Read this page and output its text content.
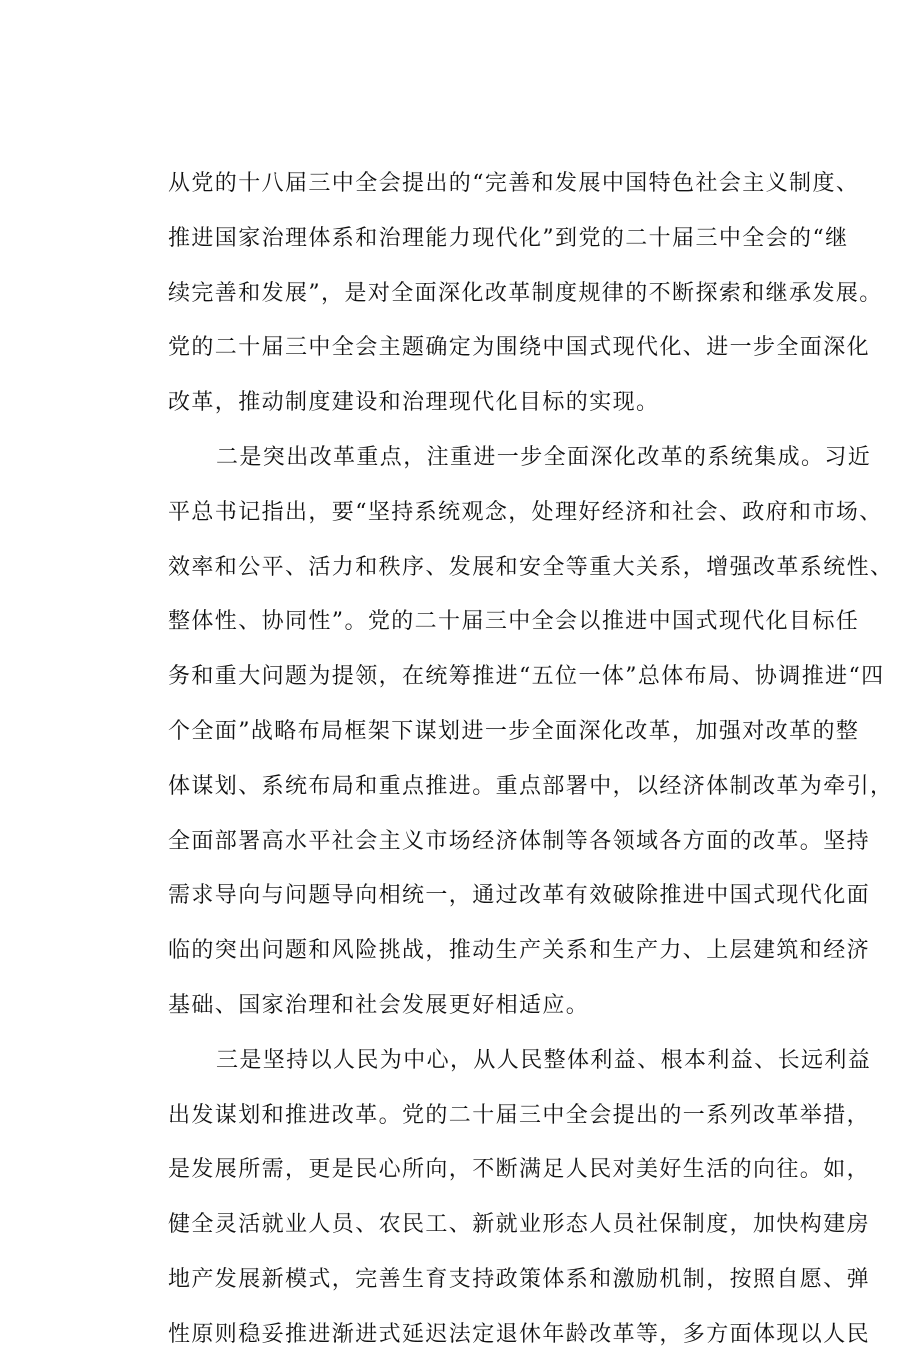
从党的十八届三中全会提出的“完善和发展中国特色社会主义制度、
推进国家治理体系和治理能力现代化”到党的二十届三中全会的“继
续完善和发展”，是对全面深化改革制度规律的不断探索和继承发展。
党的二十届三中全会主题确定为围绕中国式现代化、进一步全面深化
改革，推动制度建设和治理现代化目标的实现。
二是突出改革重点，注重进一步全面深化改革的系统集成。习近
平总书记指出，要“坚持系统观念，处理好经济和社会、政府和市场、
效率和公平、活力和秩序、发展和安全等重大关系，增强改革系统性、
整体性、协同性”。党的二十届三中全会以推进中国式现代化目标任
务和重大问题为提领，在统筹推进“五位一体”总体布局、协调推进“四
个全面”战略布局框架下谋划进一步全面深化改革，加强对改革的整
体谋划、系统布局和重点推进。重点部署中，以经济体制改革为牵引，
全面部署高水平社会主义市场经济体制等各领域各方面的改革。坚持
需求导向与问题导向相统一，通过改革有效破除推进中国式现代化面
临的突出问题和风险挑战，推动生产关系和生产力、上层建筑和经济
基础、国家治理和社会发展更好相适应。
三是坚持以人民为中心，从人民整体利益、根本利益、长远利益
出发谋划和推进改革。党的二十届三中全会提出的一系列改革举措，
是发展所需，更是民心所向，不断满足人民对美好生活的向往。如，
健全灵活就业人员、农民工、新就业形态人员社保制度，加快构建房
地产发展新模式，完善生育支持政策体系和激励机制，按照自愿、弹
性原则稳妥推进渐进式延迟法定退休年龄改革等，多方面体现以人民
